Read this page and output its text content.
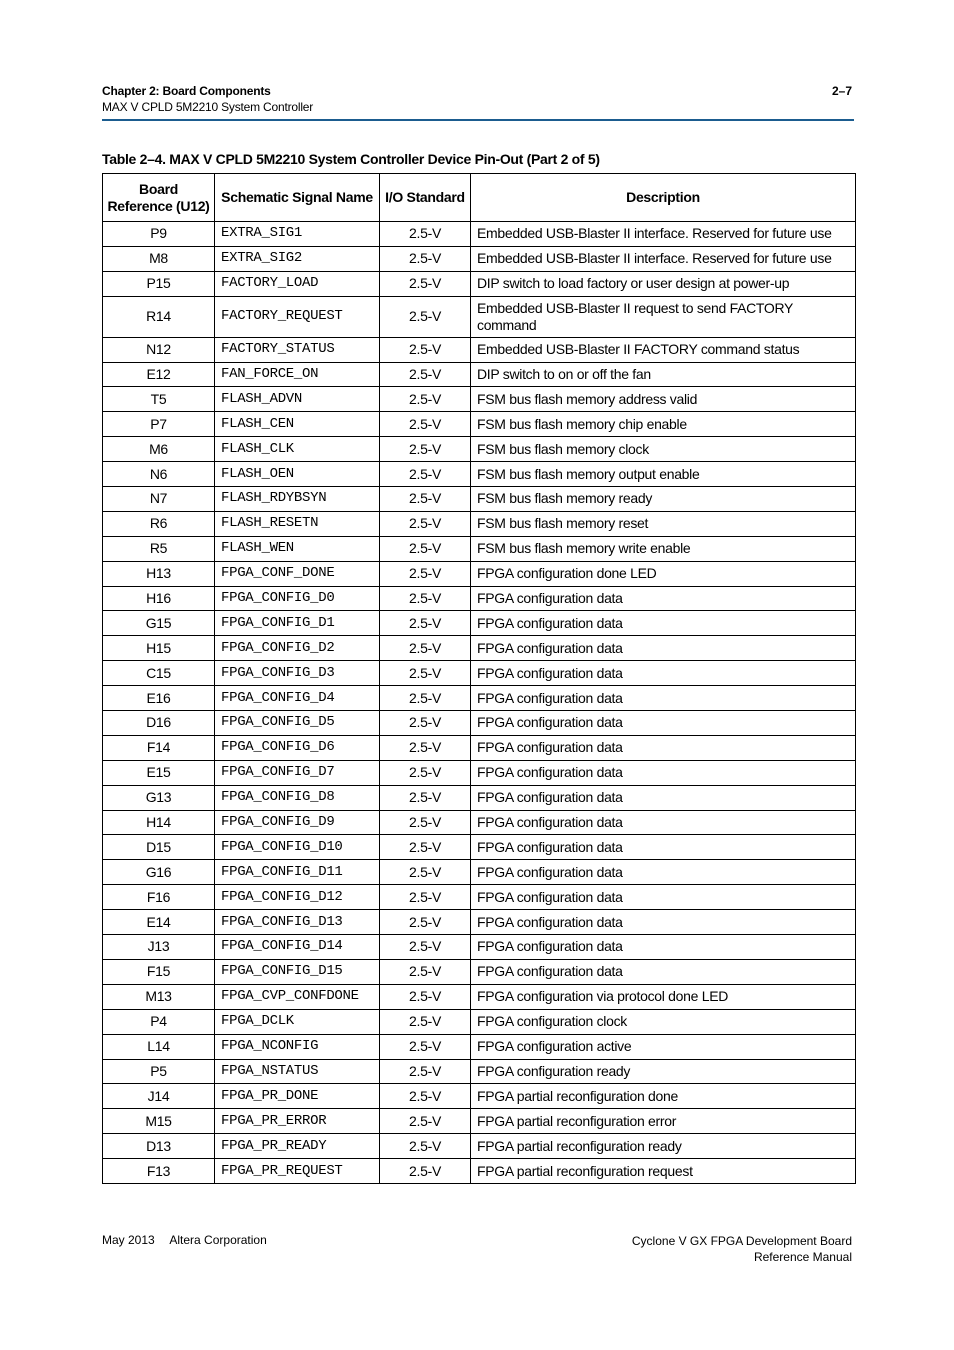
Chapter 2: Board Components
MAX V CPLD 5M2210 System Controller
2–7
Table 2–4. MAX V CPLD 5M2210 System Controller Device Pin-Out (Part 2 of 5)
Board Reference (U12)	Schematic Signal Name	I/O Standard	Description
P9	EXTRA_SIG1	2.5-V	Embedded USB-Blaster II interface. Reserved for future use
M8	EXTRA_SIG2	2.5-V	Embedded USB-Blaster II interface. Reserved for future use
P15	FACTORY_LOAD	2.5-V	DIP switch to load factory or user design at power-up
R14	FACTORY_REQUEST	2.5-V	Embedded USB-Blaster II request to send FACTORY command
N12	FACTORY_STATUS	2.5-V	Embedded USB-Blaster II FACTORY command status
E12	FAN_FORCE_ON	2.5-V	DIP switch to on or off the fan
T5	FLASH_ADVN	2.5-V	FSM bus flash memory address valid
P7	FLASH_CEN	2.5-V	FSM bus flash memory chip enable
M6	FLASH_CLK	2.5-V	FSM bus flash memory clock
N6	FLASH_OEN	2.5-V	FSM bus flash memory output enable
N7	FLASH_RDYBSYN	2.5-V	FSM bus flash memory ready
R6	FLASH_RESETN	2.5-V	FSM bus flash memory reset
R5	FLASH_WEN	2.5-V	FSM bus flash memory write enable
H13	FPGA_CONF_DONE	2.5-V	FPGA configuration done LED
H16	FPGA_CONFIG_D0	2.5-V	FPGA configuration data
G15	FPGA_CONFIG_D1	2.5-V	FPGA configuration data
H15	FPGA_CONFIG_D2	2.5-V	FPGA configuration data
C15	FPGA_CONFIG_D3	2.5-V	FPGA configuration data
E16	FPGA_CONFIG_D4	2.5-V	FPGA configuration data
D16	FPGA_CONFIG_D5	2.5-V	FPGA configuration data
F14	FPGA_CONFIG_D6	2.5-V	FPGA configuration data
E15	FPGA_CONFIG_D7	2.5-V	FPGA configuration data
G13	FPGA_CONFIG_D8	2.5-V	FPGA configuration data
H14	FPGA_CONFIG_D9	2.5-V	FPGA configuration data
D15	FPGA_CONFIG_D10	2.5-V	FPGA configuration data
G16	FPGA_CONFIG_D11	2.5-V	FPGA configuration data
F16	FPGA_CONFIG_D12	2.5-V	FPGA configuration data
E14	FPGA_CONFIG_D13	2.5-V	FPGA configuration data
J13	FPGA_CONFIG_D14	2.5-V	FPGA configuration data
F15	FPGA_CONFIG_D15	2.5-V	FPGA configuration data
M13	FPGA_CVP_CONFDONE	2.5-V	FPGA configuration via protocol done LED
P4	FPGA_DCLK	2.5-V	FPGA configuration clock
L14	FPGA_NCONFIG	2.5-V	FPGA configuration active
P5	FPGA_NSTATUS	2.5-V	FPGA configuration ready
J14	FPGA_PR_DONE	2.5-V	FPGA partial reconfiguration done
M15	FPGA_PR_ERROR	2.5-V	FPGA partial reconfiguration error
D13	FPGA_PR_READY	2.5-V	FPGA partial reconfiguration ready
F13	FPGA_PR_REQUEST	2.5-V	FPGA partial reconfiguration request
May 2013 Altera Corporation	Cyclone V GX FPGA Development Board
Reference Manual
